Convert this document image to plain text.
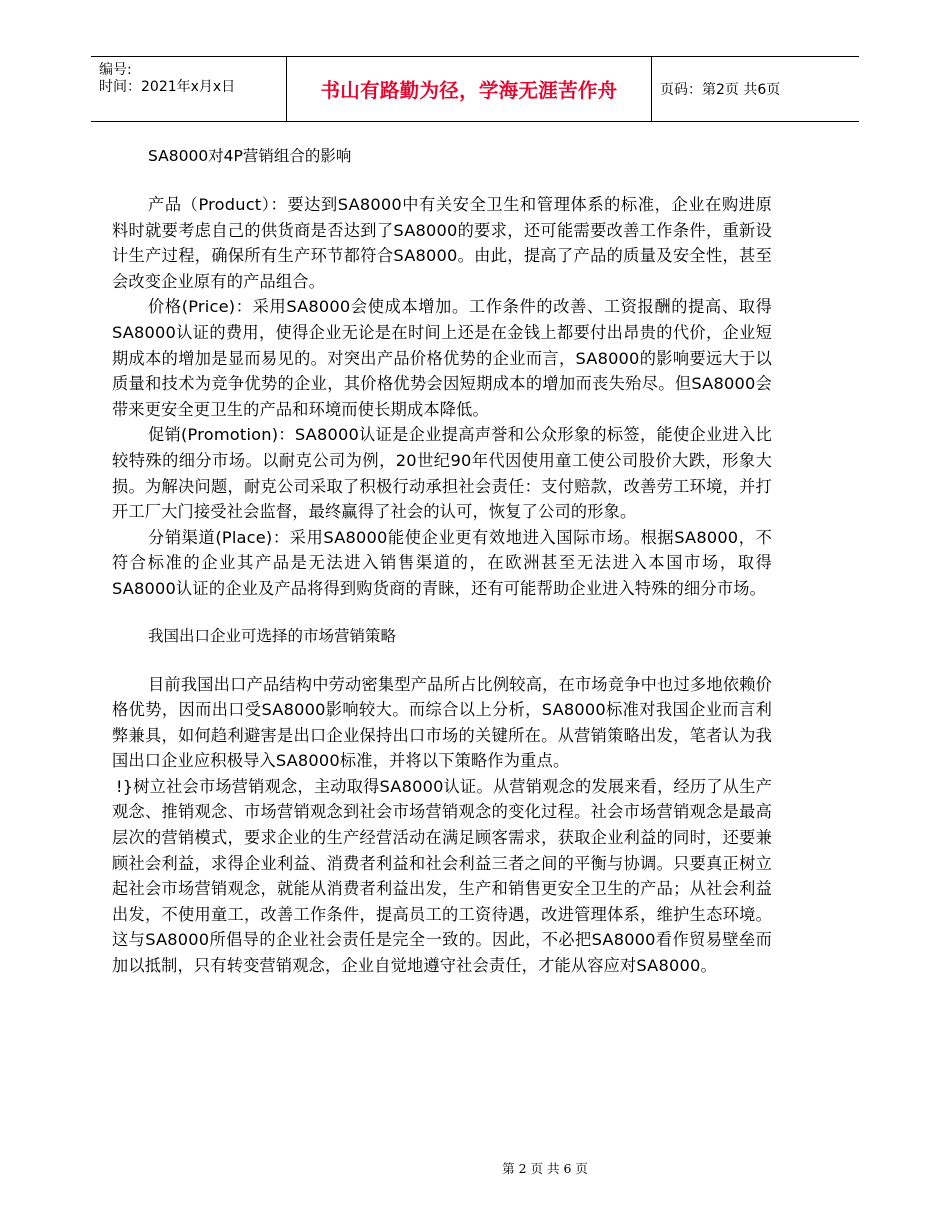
编号:
时间：2021年x月x日	书山有路勤为径，学海无涯苦作舟	页码：第2页 共6页

SA8000对4P营销组合的影响

产品（Product）：要达到SA8000中有关安全卫生和管理体系的标准，企业在购进原料时就要考虑自己的供货商是否达到了SA8000的要求，还可能需要改善工作条件，重新设计生产过程，确保所有生产环节都符合SA8000。由此，提高了产品的质量及安全性，甚至会改变企业原有的产品组合。

价格(Price)：采用SA8000会使成本增加。工作条件的改善、工资报酬的提高、取得SA8000认证的费用，使得企业无论是在时间上还是在金钱上都要付出昂贵的代价，企业短期成本的增加是显而易见的。对突出产品价格优势的企业而言，SA8000的影响要远大于以质量和技术为竞争优势的企业，其价格优势会因短期成本的增加而丧失殆尽。但SA8000会带来更安全更卫生的产品和环境而使长期成本降低。

促销(Promotion)：SA8000认证是企业提高声誉和公众形象的标签，能使企业进入比较特殊的细分市场。以耐克公司为例，20世纪90年代因使用童工使公司股价大跌，形象大损。为解决问题，耐克公司采取了积极行动承担社会责任：支付赔款，改善劳工环境，并打开工厂大门接受社会监督，最终赢得了社会的认可，恢复了公司的形象。

分销渠道(Place)：采用SA8000能使企业更有效地进入国际市场。根据SA8000，不符合标准的企业其产品是无法进入销售渠道的，在欧洲甚至无法进入本国市场，取得SA8000认证的企业及产品将得到购货商的青睐，还有可能帮助企业进入特殊的细分市场。

我国出口企业可选择的市场营销策略

目前我国出口产品结构中劳动密集型产品所占比例较高，在市场竞争中也过多地依赖价格优势，因而出口受SA8000影响较大。而综合以上分析，SA8000标准对我国企业而言利弊兼具，如何趋利避害是出口企业保持出口市场的关键所在。从营销策略出发，笔者认为我国出口企业应积极导入SA8000标准，并将以下策略作为重点。

!}树立社会市场营销观念，主动取得SA8000认证。从营销观念的发展来看，经历了从生产观念、推销观念、市场营销观念到社会市场营销观念的变化过程。社会市场营销观念是最高层次的营销模式，要求企业的生产经营活动在满足顾客需求，获取企业利益的同时，还要兼顾社会利益，求得企业利益、消费者利益和社会利益三者之间的平衡与协调。只要真正树立起社会市场营销观念，就能从消费者利益出发，生产和销售更安全卫生的产品；从社会利益出发，不使用童工，改善工作条件，提高员工的工资待遇，改进管理体系，维护生态环境。这与SA8000所倡导的企业社会责任是完全一致的。因此，不必把SA8000看作贸易壁垒而加以抵制，只有转变营销观念，企业自觉地遵守社会责任，才能从容应对SA8000。

第 2 页 共 6 页
